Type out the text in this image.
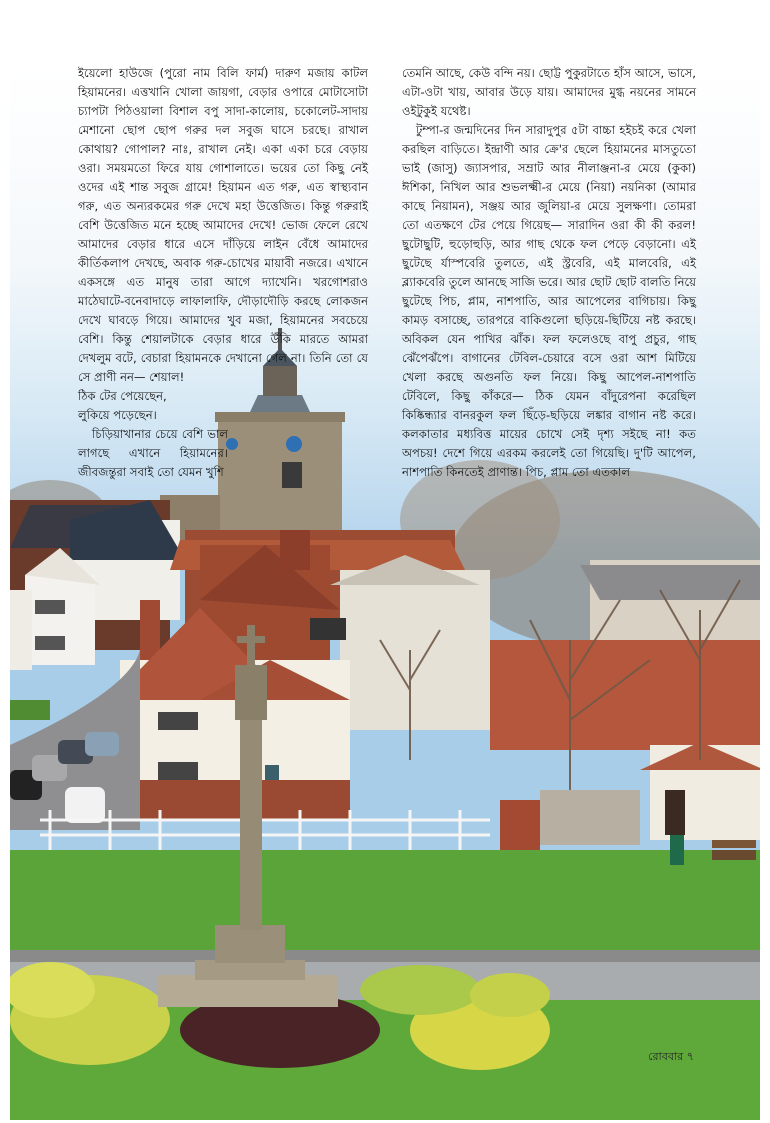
ইয়েলো হাউজে (পুরো নাম বিলি ফার্ম) দারুণ মজায় কাটল হিয়ামনের। এত্তখানি খোলা জায়গা, বেড়ার ওপারে মোটাসোটা চ্যাপটা পিঠওয়ালা বিশাল বপু সাদা-কালোয়, চকোলেট-সাদায় মেশানো ছোপ ছোপ গরুর দল সবুজ ঘাসে চরছে। রাখাল কোথায়? গোপাল? নাঃ, রাখাল নেই। একা একা চরে বেড়ায় ওরা। সময়মতো ফিরে যায় গোশালাতে। ভয়ের তো কিছু নেই ওদের এই শান্ত সবুজ গ্রামে! হিয়ামন এত গরু, এত স্বাস্থ্যবান গরু, এত অন্যরকমের গরু দেখে মহা উত্তেজিত। কিন্তু গরুরাই বেশি উত্তেজিত মনে হচ্ছে আমাদের দেখে! ভোজ ফেলে রেখে আমাদের বেড়ার ধারে এসে দাঁড়িয়ে লাইন বেঁধে আমাদের কীর্তিকলাপ দেখছে, অবাক গরু-চোখের মায়াবী নজরে। এখানে একসঙ্গে এত মানুষ তারা আগে দ্যাখেনি। খরগোশরাও মাঠেঘাটে-বনেবাদাড়ে লাফালাফি, দৌড়াদৌড়ি করছে লোকজন দেখে ঘাবড়ে গিয়ে। আমাদের খুব মজা, হিয়ামনের সবচেয়ে বেশি। কিন্তু শেয়ালটাকে বেড়ার ধারে উঁকি মারতে আমরা দেখলুম বটে, বেচারা হিয়ামনকে দেখানো গেল না। তিনি তো যে সে প্রাণী নন— শেয়াল!

ঠিক টের পেয়েছেন,

লুকিয়ে পড়েছেন।

চিড়িয়াখানার চেয়ে বেশি ভাল লাগছে এখানে হিয়ামনের। জীবজন্তুরা সবাই তো যেমন খুশি

তেমনি আছে, কেউ বন্দি নয়। ছোট্ট পুকুরটাতে হাঁস আসে, ভাসে, এটা-ওটা খায়, আবার উড়ে যায়। আমাদের মুগ্ধ নয়নের সামনে ওইটুকুই যথেষ্ট।

টুম্পা-র জন্মদিনের দিন সারাদুপুর ৫টা বাচ্চা হইচই করে খেলা করছিল বাড়িতে। ইন্দ্রাণী আর ক্রে'র ছেলে হিয়ামনের মাসতুতো ভাই (জাসু) জ্যাসপার, সম্রাট আর নীলাঞ্জনা-র মেয়ে (কুকা) ঈশিকা, নিখিল আর শুভলক্ষ্মী-র মেয়ে (নিয়া) নয়নিকা (আমার কাছে নিয়ামন), সঞ্জয় আর জুলিয়া-র মেয়ে সুলক্ষণা। তোমরা তো এতক্ষণে টের পেয়ে গিয়েছ— সারাদিন ওরা কী কী করল! ছুটোছুটি, হুড়োহুড়ি, আর গাছ থেকে ফল পেড়ে বেড়ানো। এই ছুটেছে র্যাস্পবেরি তুলতে, এই স্ট্রবেরি, এই মালবেরি, এই ব্ল্যাকবেরি তুলে আনছে সাজি ভরে। আর ছোট ছোট বালতি নিয়ে ছুটেছে পিচ, প্লাম, নাশপাতি, আর আপেলের বাগিচায়। কিছু কামড় বসাচ্ছে, তারপরে বাকিগুলো ছড়িয়ে-ছিটিয়ে নষ্ট করছে। অবিকল যেন পাখির ঝাঁক। ফল ফলেওছে বাপু প্রচুর, গাছ ঝেঁপেঝঁপে। বাগানের টেবিল-চেয়ারে বসে ওরা আশ মিটিয়ে খেলা করছে অগুনতি ফল নিয়ে। কিছু আপেল-নাশপাতি টেবিলে, কিছু কাঁকরে— ঠিক যেমন বাঁদুরেপনা করেছিল কিষ্কিন্ধ্যার বানরকুল ফল ছিঁড়ে-ছড়িয়ে লঙ্কার বাগান নষ্ট করে। কলকাতার মধ্যবিত্ত মায়ের চোখে সেই দৃশ্য সইছে না! কত অপচয়! দেশে গিয়ে এরকম করলেই তো গিয়েছি। দু'টি আপেল, নাশপাতি কিনতেই প্রাণান্ত। পিচ, প্লাম তো এতকাল

রোববার ৭
